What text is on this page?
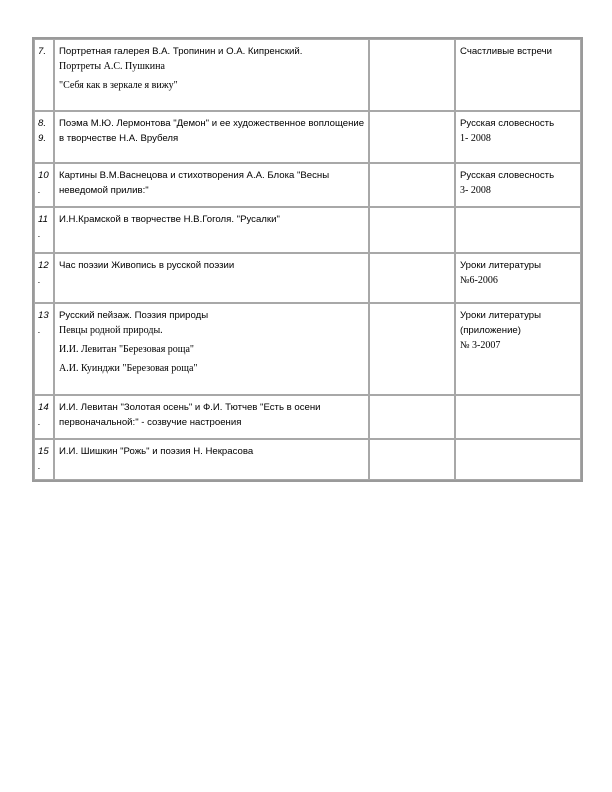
7.	Портретная галерея В.А. Тропинин и О.А. Кипренский.
Портреты А.С. Пушкина
"Себя как в зеркале я вижу"		Счастливые встречи

8. 9.	Поэма М.Ю. Лермонтова "Демон" и ее художественное воплощение в творчестве Н.А. Врубеля		Русская словесность
1- 2008

10 .	Картины В.М.Васнецова и стихотворения А.А. Блока "Весны неведомой прилив:"		Русская словесность
3- 2008

11 .	И.Н.Крамской в творчестве Н.В.Гоголя. "Русалки"		

12 .	Час поэзии Живопись в русской поэзии		Уроки литературы
№6-2006

13 .	Русский пейзаж. Поэзия природы
Певцы родной природы.
И.И. Левитан "Березовая роща"
А.И. Куинджи "Березовая роща"		Уроки литературы
(приложение)
№ 3-2007

14 .	И.И. Левитан "Золотая осень" и Ф.И. Тютчев "Есть в осени первоначальной:" - созвучие настроения		

15 .	И.И. Шишкин "Рожь" и поэзия Н. Некрасова		
